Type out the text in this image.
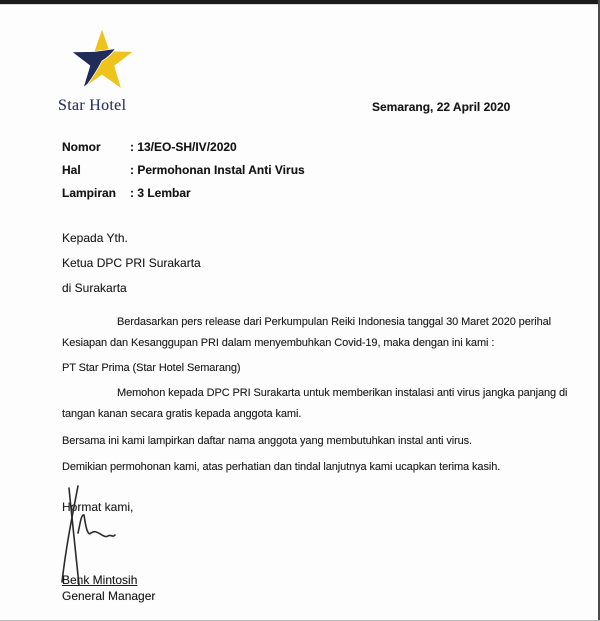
Star Hotel	Semarang, 22 April 2020
Nomor : 13/EO-SH/IV/2020
Hal	: Permohonan Instal Anti Virus
Lampiran : 3 Lembar
Kepada Yth.
Ketua DPC PRI Surakarta
di Surakarta
Berdasarkan pers release dari Perkumpulan Reiki Indonesia tanggal 30 Maret 2020 perihal
Kesiapan dan Kesanggupan PRI dalam menyembuhkan Covid-19, maka dengan ini kami :
PT Star Prima (Star Hotel Semarang)
Memohon kepada DPC PRI Surakarta untuk memberikan instalasi anti virus jangka panjang di
tangan kanan secara gratis kepada anggota kami.
Bersama ini kami lampirkan daftar nama anggota yang membutuhkan instal anti virus.
Demikian permohonan kami, atas perhatian dan tindal lanjutnya kami ucapkan terima kasih.
Hormat kami,
Benk Mintosih
General Manager
